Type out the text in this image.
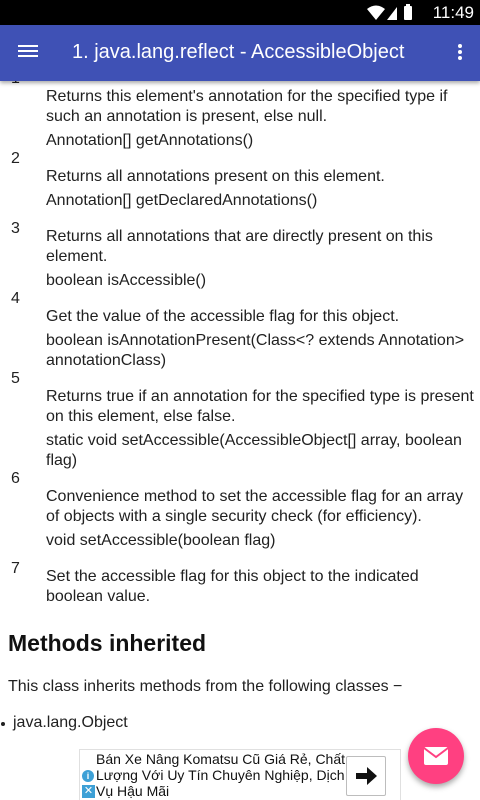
11:49
1. java.lang.reflect - AccessibleObject
Returns this element's annotation for the specified type if such an annotation is present, else null.
Annotation[] getAnnotations()
2
Returns all annotations present on this element.
Annotation[] getDeclaredAnnotations()
3 Returns all annotations that are directly present on this element.
boolean isAccessible()
4
Get the value of the accessible flag for this object.
boolean isAnnotationPresent(Class<? extends Annotation> annotationClass)
5
Returns true if an annotation for the specified type is present on this element, else false.
static void setAccessible(AccessibleObject[] array, boolean flag)
6
Convenience method to set the accessible flag for an array of objects with a single security check (for efficiency).
void setAccessible(boolean flag)
7 Set the accessible flag for this object to the indicated boolean value.
Methods inherited
This class inherits methods from the following classes −
java.lang.Object
i
✕
Bán Xe Nâng Komatsu Cũ Giá Rẻ, Chất Lượng Với Uy Tín Chuyên Nghiệp, Dịch Vụ Hậu Mãi
